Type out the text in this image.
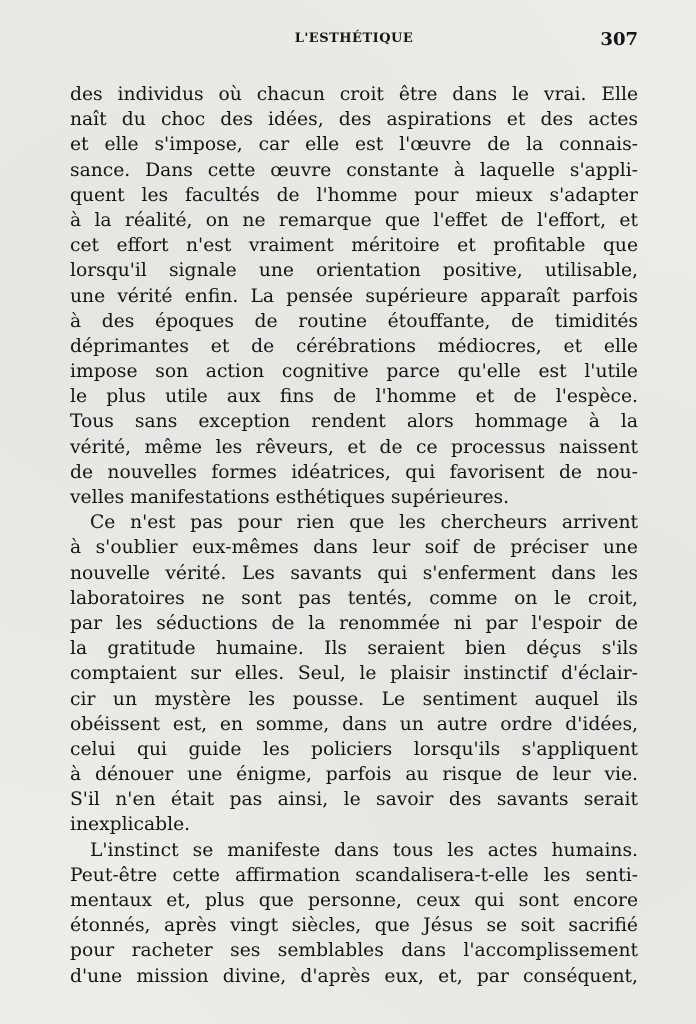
L'ESTHÉTIQUE	307
des individus où chacun croit être dans le vrai. Elle
naît du choc des idées, des aspirations et des actes
et elle s'impose, car elle est l'œuvre de la connais-
sance. Dans cette œuvre constante à laquelle s'appli-
quent les facultés de l'homme pour mieux s'adapter
à la réalité, on ne remarque que l'effet de l'effort, et
cet effort n'est vraiment méritoire et profitable que
lorsqu'il signale une orientation positive, utilisable,
une vérité enfin. La pensée supérieure apparaît parfois
à des époques de routine étouffante, de timidités
déprimantes et de cérébrations médiocres, et elle
impose son action cognitive parce qu'elle est l'utile
le plus utile aux fins de l'homme et de l'espèce.
Tous sans exception rendent alors hommage à la
vérité, même les rêveurs, et de ce processus naissent
de nouvelles formes idéatrices, qui favorisent de nou-
velles manifestations esthétiques supérieures.
Ce n'est pas pour rien que les chercheurs arrivent
à s'oublier eux-mêmes dans leur soif de préciser une
nouvelle vérité. Les savants qui s'enferment dans les
laboratoires ne sont pas tentés, comme on le croit,
par les séductions de la renommée ni par l'espoir de
la gratitude humaine. Ils seraient bien déçus s'ils
comptaient sur elles. Seul, le plaisir instinctif d'éclair-
cir un mystère les pousse. Le sentiment auquel ils
obéissent est, en somme, dans un autre ordre d'idées,
celui qui guide les policiers lorsqu'ils s'appliquent
à dénouer une énigme, parfois au risque de leur vie.
S'il n'en était pas ainsi, le savoir des savants serait
inexplicable.
L'instinct se manifeste dans tous les actes humains.
Peut-être cette affirmation scandalisera-t-elle les senti-
mentaux et, plus que personne, ceux qui sont encore
étonnés, après vingt siècles, que Jésus se soit sacrifié
pour racheter ses semblables dans l'accomplissement
d'une mission divine, d'après eux, et, par conséquent,
